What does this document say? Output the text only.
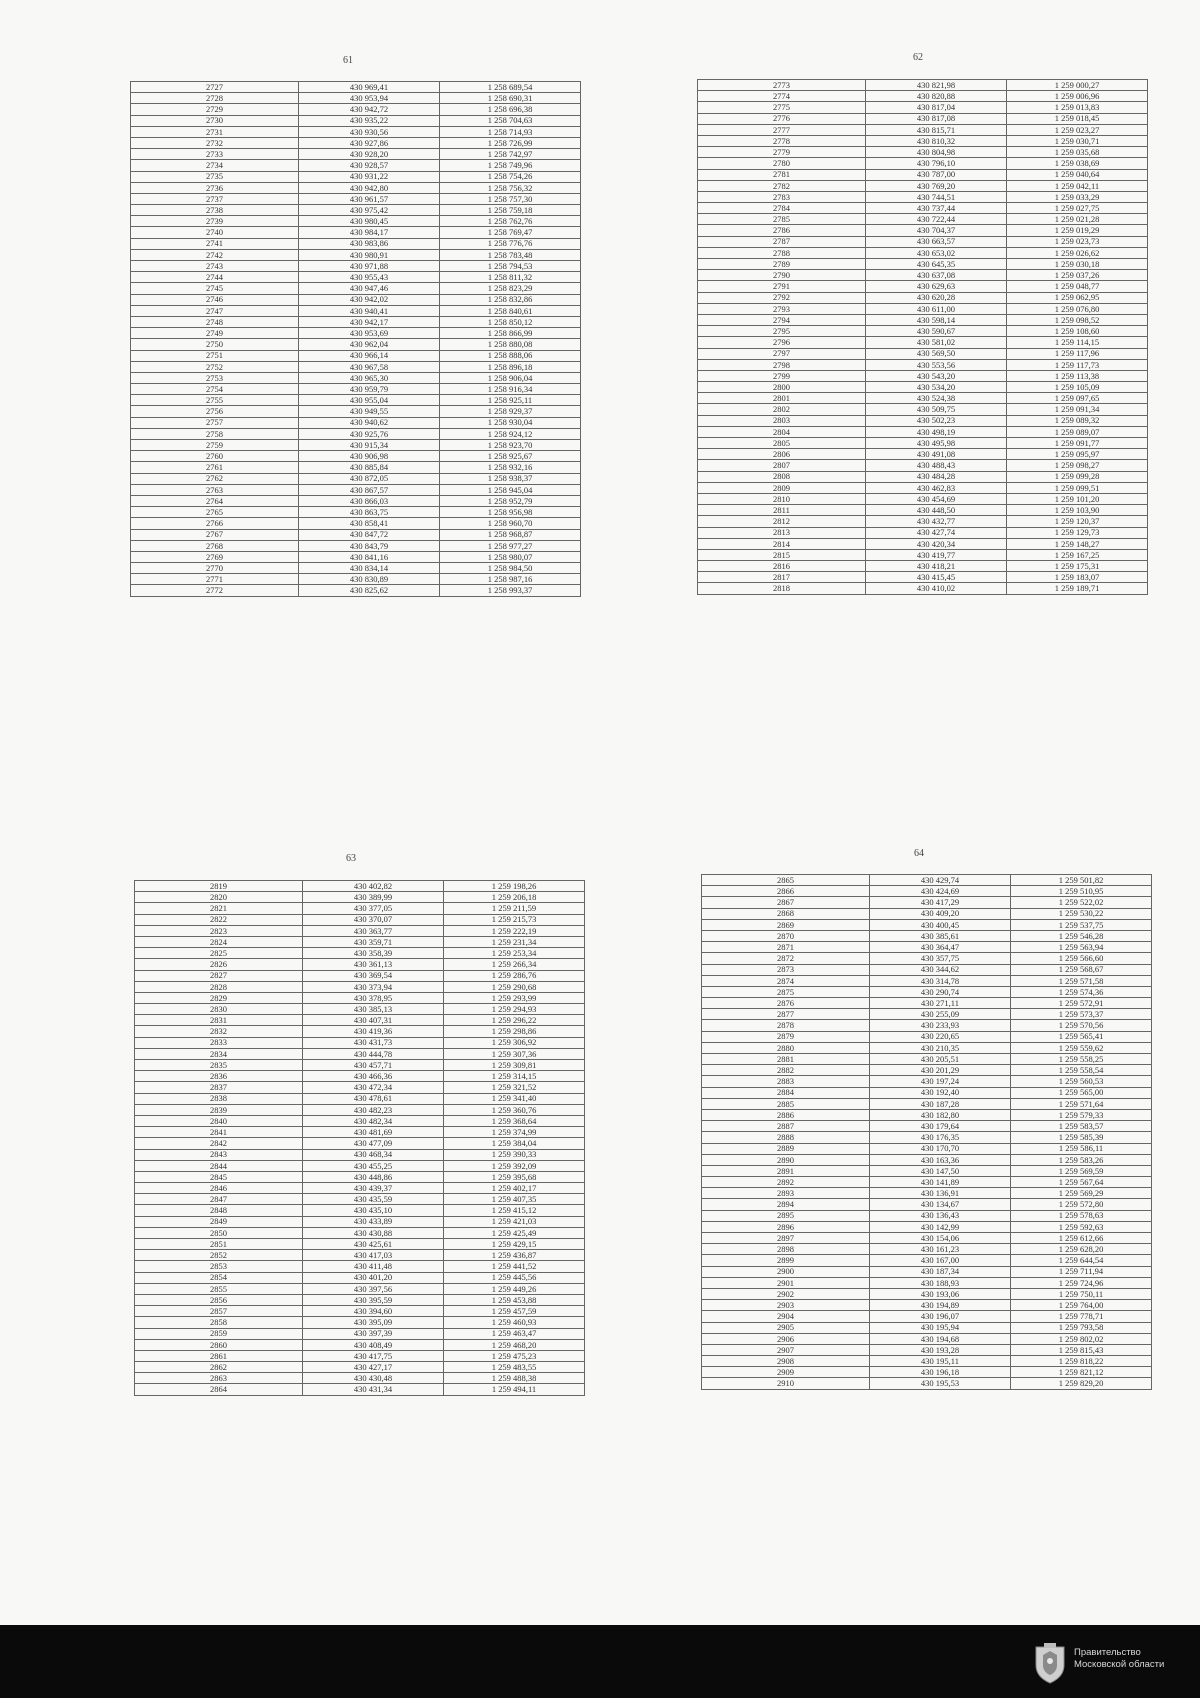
61
2727	430 969,41	1 258 689,54
2728	430 953,94	1 258 690,31
2729	430 942,72	1 258 696,38
2730	430 935,22	1 258 704,63
2731	430 930,56	1 258 714,93
2732	430 927,86	1 258 726,99
2733	430 928,20	1 258 742,97
2734	430 928,57	1 258 749,96
2735	430 931,22	1 258 754,26
2736	430 942,80	1 258 756,32
2737	430 961,57	1 258 757,30
2738	430 975,42	1 258 759,18
2739	430 980,45	1 258 762,76
2740	430 984,17	1 258 769,47
2741	430 983,86	1 258 776,76
2742	430 980,91	1 258 783,48
2743	430 971,88	1 258 794,53
2744	430 955,43	1 258 811,32
2745	430 947,46	1 258 823,29
2746	430 942,02	1 258 832,86
2747	430 940,41	1 258 840,61
2748	430 942,17	1 258 850,12
2749	430 953,69	1 258 866,99
2750	430 962,04	1 258 880,08
2751	430 966,14	1 258 888,06
2752	430 967,58	1 258 896,18
2753	430 965,30	1 258 906,04
2754	430 959,79	1 258 916,34
2755	430 955,04	1 258 925,11
2756	430 949,55	1 258 929,37
2757	430 940,62	1 258 930,04
2758	430 925,76	1 258 924,12
2759	430 915,34	1 258 923,70
2760	430 906,98	1 258 925,67
2761	430 885,84	1 258 932,16
2762	430 872,05	1 258 938,37
2763	430 867,57	1 258 945,04
2764	430 866,03	1 258 952,79
2765	430 863,75	1 258 956,98
2766	430 858,41	1 258 960,70
2767	430 847,72	1 258 968,87
2768	430 843,79	1 258 977,27
2769	430 841,16	1 258 980,07
2770	430 834,14	1 258 984,50
2771	430 830,89	1 258 987,16
2772	430 825,62	1 258 993,37
62
2773	430 821,98	1 259 000,27
2774	430 820,88	1 259 006,96
2775	430 817,04	1 259 013,83
2776	430 817,08	1 259 018,45
2777	430 815,71	1 259 023,27
2778	430 810,32	1 259 030,71
2779	430 804,98	1 259 035,68
2780	430 796,10	1 259 038,69
2781	430 787,00	1 259 040,64
2782	430 769,20	1 259 042,11
2783	430 744,51	1 259 033,29
2784	430 737,44	1 259 027,75
2785	430 722,44	1 259 021,28
2786	430 704,37	1 259 019,29
2787	430 663,57	1 259 023,73
2788	430 653,02	1 259 026,62
2789	430 645,35	1 259 030,18
2790	430 637,08	1 259 037,26
2791	430 629,63	1 259 048,77
2792	430 620,28	1 259 062,95
2793	430 611,00	1 259 076,80
2794	430 598,14	1 259 098,52
2795	430 590,67	1 259 108,60
2796	430 581,02	1 259 114,15
2797	430 569,50	1 259 117,96
2798	430 553,56	1 259 117,73
2799	430 543,20	1 259 113,38
2800	430 534,20	1 259 105,09
2801	430 524,38	1 259 097,65
2802	430 509,75	1 259 091,34
2803	430 502,23	1 259 089,32
2804	430 498,19	1 259 089,07
2805	430 495,98	1 259 091,77
2806	430 491,08	1 259 095,97
2807	430 488,43	1 259 098,27
2808	430 484,28	1 259 099,28
2809	430 462,83	1 259 099,51
2810	430 454,69	1 259 101,20
2811	430 448,50	1 259 103,90
2812	430 432,77	1 259 120,37
2813	430 427,74	1 259 129,73
2814	430 420,34	1 259 148,27
2815	430 419,77	1 259 167,25
2816	430 418,21	1 259 175,31
2817	430 415,45	1 259 183,07
2818	430 410,02	1 259 189,71
63
2819	430 402,82	1 259 198,26
2820	430 389,99	1 259 206,18
2821	430 377,05	1 259 211,59
2822	430 370,07	1 259 215,73
2823	430 363,77	1 259 222,19
2824	430 359,71	1 259 231,34
2825	430 358,39	1 259 253,34
2826	430 361,13	1 259 266,34
2827	430 369,54	1 259 286,76
2828	430 373,94	1 259 290,68
2829	430 378,95	1 259 293,99
2830	430 385,13	1 259 294,93
2831	430 407,31	1 259 296,22
2832	430 419,36	1 259 298,86
2833	430 431,73	1 259 306,92
2834	430 444,78	1 259 307,36
2835	430 457,71	1 259 309,81
2836	430 466,36	1 259 314,15
2837	430 472,34	1 259 321,52
2838	430 478,61	1 259 341,40
2839	430 482,23	1 259 360,76
2840	430 482,34	1 259 368,64
2841	430 481,69	1 259 374,99
2842	430 477,09	1 259 384,04
2843	430 468,34	1 259 390,33
2844	430 455,25	1 259 392,09
2845	430 448,86	1 259 395,68
2846	430 439,37	1 259 402,17
2847	430 435,59	1 259 407,35
2848	430 435,10	1 259 415,12
2849	430 433,89	1 259 421,03
2850	430 430,88	1 259 425,49
2851	430 425,61	1 259 429,15
2852	430 417,03	1 259 436,87
2853	430 411,48	1 259 441,52
2854	430 401,20	1 259 445,56
2855	430 397,56	1 259 449,26
2856	430 395,59	1 259 453,88
2857	430 394,60	1 259 457,59
2858	430 395,09	1 259 460,93
2859	430 397,39	1 259 463,47
2860	430 408,49	1 259 468,20
2861	430 417,75	1 259 475,23
2862	430 427,17	1 259 483,55
2863	430 430,48	1 259 488,38
2864	430 431,34	1 259 494,11
64
2865	430 429,74	1 259 501,82
2866	430 424,69	1 259 510,95
2867	430 417,29	1 259 522,02
2868	430 409,20	1 259 530,22
2869	430 400,45	1 259 537,75
2870	430 385,61	1 259 546,28
2871	430 364,47	1 259 563,94
2872	430 357,75	1 259 566,60
2873	430 344,62	1 259 568,67
2874	430 314,78	1 259 571,58
2875	430 290,74	1 259 574,36
2876	430 271,11	1 259 572,91
2877	430 255,09	1 259 573,37
2878	430 233,93	1 259 570,56
2879	430 220,65	1 259 565,41
2880	430 210,35	1 259 559,62
2881	430 205,51	1 259 558,25
2882	430 201,29	1 259 558,54
2883	430 197,24	1 259 560,53
2884	430 192,40	1 259 565,00
2885	430 187,28	1 259 571,64
2886	430 182,80	1 259 579,33
2887	430 179,64	1 259 583,57
2888	430 176,35	1 259 585,39
2889	430 170,70	1 259 586,11
2890	430 163,36	1 259 583,26
2891	430 147,50	1 259 569,59
2892	430 141,89	1 259 567,64
2893	430 136,91	1 259 569,29
2894	430 134,67	1 259 572,80
2895	430 136,43	1 259 578,63
2896	430 142,99	1 259 592,63
2897	430 154,06	1 259 612,66
2898	430 161,23	1 259 628,20
2899	430 167,00	1 259 644,54
2900	430 187,34	1 259 711,94
2901	430 188,93	1 259 724,96
2902	430 193,06	1 259 750,11
2903	430 194,89	1 259 764,00
2904	430 196,07	1 259 778,71
2905	430 195,94	1 259 793,58
2906	430 194,68	1 259 802,02
2907	430 193,28	1 259 815,43
2908	430 195,11	1 259 818,22
2909	430 196,18	1 259 821,12
2910	430 195,53	1 259 829,20
Правительство
Московской области
